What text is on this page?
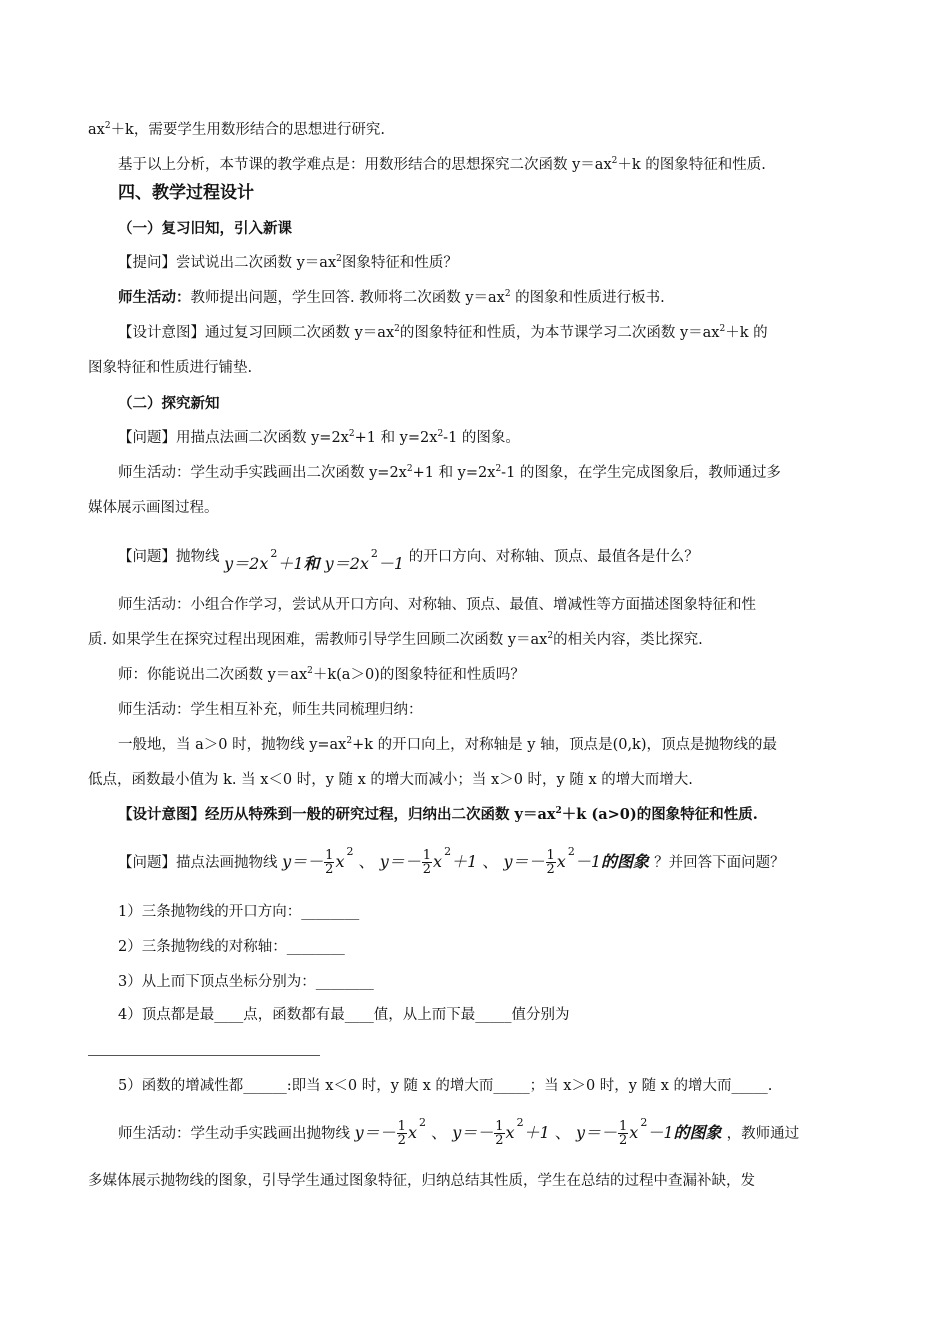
$ax^2+k$，需要学生用数形结合的思想进行研究.
基于以上分析，本节课的教学难点是：用数形结合的思想探究二次函数 $y=ax^2+k$ 的图象特征和性质.
四、教学过程设计
（一）复习旧知，引入新课
【提问】尝试说出二次函数 $y=ax^2$图象特征和性质？
师生活动：教师提出问题，学生回答. 教师将二次函数 $y=ax^2$ 的图象和性质进行板书.
【设计意图】通过复习回顾二次函数 $y=ax^2$的图象特征和性质，为本节课学习二次函数 $y=ax^2+k$ 的
图象特征和性质进行铺垫.
（二）探究新知
【问题】用描点法画二次函数 $y=2x^2+1$ 和 $y=2x^2-1$ 的图象。
师生活动：学生动手实践画出二次函数 $y=2x^2+1$ 和 $y=2x^2-1$ 的图象，在学生完成图象后，教师通过多
媒体展示画图过程。
【问题】抛物线 $y=2x^2+1$和 $y=2x^2-1$ 的开口方向、对称轴、顶点、最值各是什么？
师生活动：小组合作学习，尝试从开口方向、对称轴、顶点、最值、增减性等方面描述图象特征和性
质. 如果学生在探究过程出现困难，需教师引导学生回顾二次函数 $y=ax^2$的相关内容，类比探究.
师：你能说出二次函数 $y=ax^2+k(a>0)$的图象特征和性质吗？
师生活动：学生相互补充，师生共同梳理归纳：
一般地，当 a＞0 时，抛物线 $y=ax^2+k$ 的开口向上，对称轴是 y 轴，顶点是(0,k)，顶点是抛物线的最
低点，函数最小值为 k. 当 x＜0 时，y 随 x 的增大而减小；当 x＞0 时，y 随 x 的增大而增大.
【设计意图】经历从特殊到一般的研究过程，归纳出二次函数 $y=ax^2+k$ (a>0)的图象特征和性质.
【问题】描点法画抛物线 $y=- \frac{1}{2} x^2$ 、 $y=- \frac{1}{2} x^2+1$ 、 $y=- \frac{1}{2} x^2-1$的图象 ？并回答下面问题？
1）三条抛物线的开口方向：________
2）三条抛物线的对称轴：________
3）从上而下顶点坐标分别为：________
4）顶点都是最____点，函数都有最____值，从上而下最_____值分别为
5）函数的增减性都______:即当 x＜0 时，y 随 x 的增大而_____；当 x＞0 时，y 随 x 的增大而_____.
师生活动：学生动手实践画出抛物线 $y=- \frac{1}{2} x^2$ 、 $y=- \frac{1}{2} x^2+1$ 、 $y=- \frac{1}{2} x^2-1$的图象 ，教师通过
多媒体展示抛物线的图象，引导学生通过图象特征，归纳总结其性质，学生在总结的过程中查漏补缺，发
